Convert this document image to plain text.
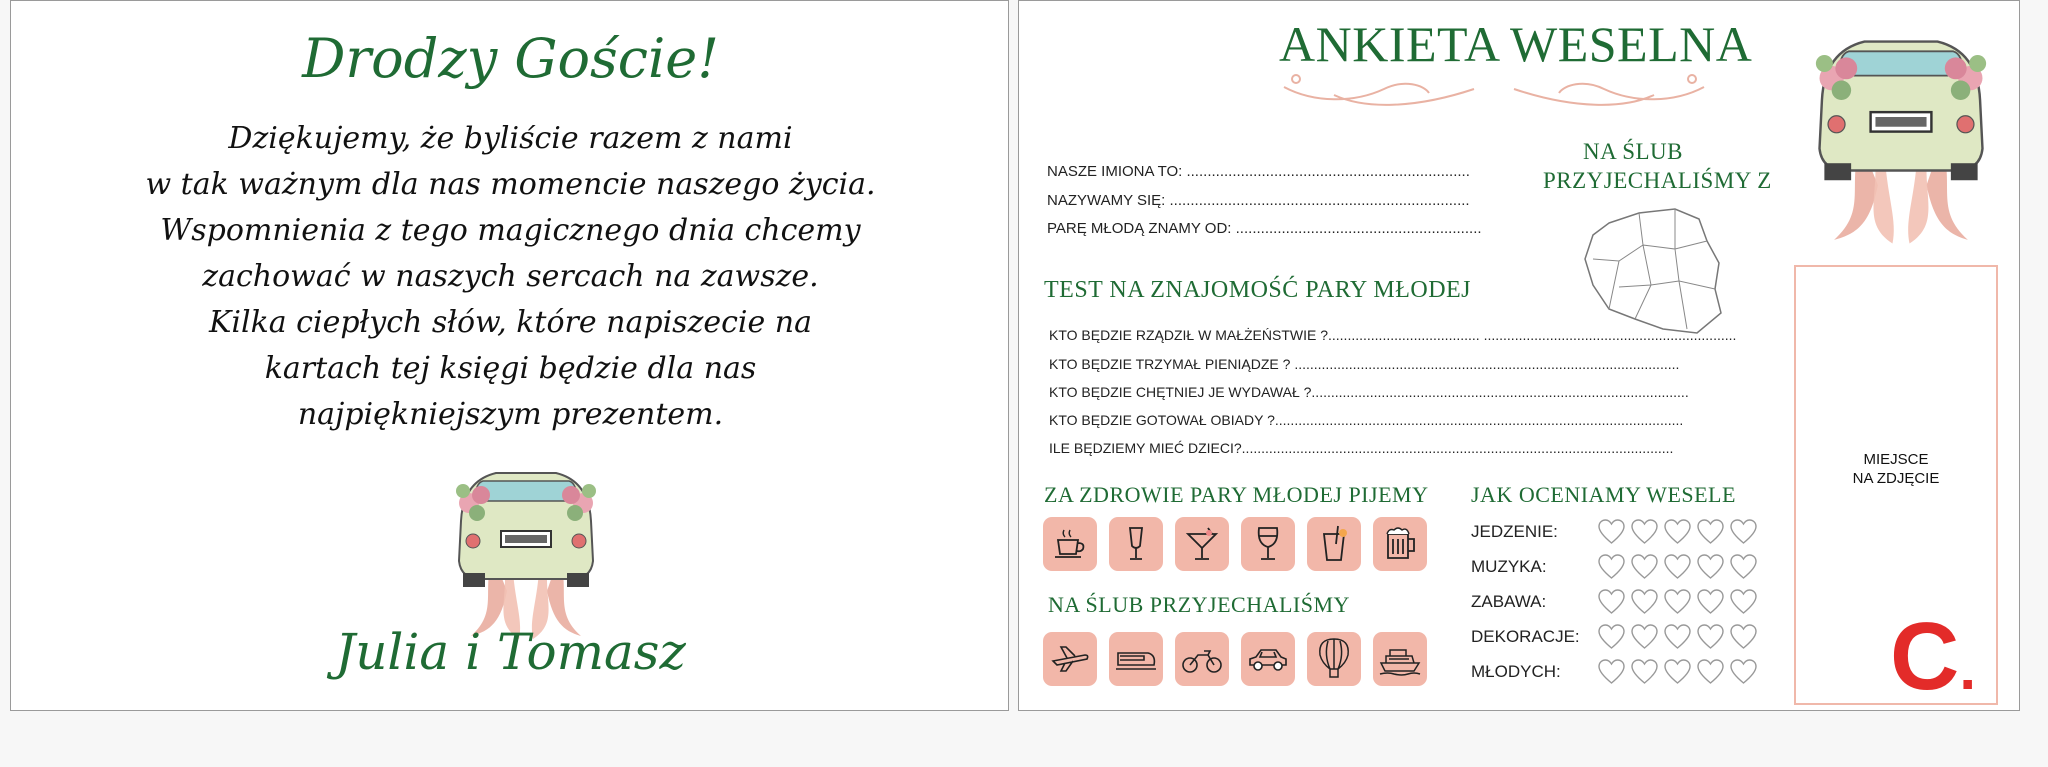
Drodzy Goście!
Dziękujemy, że byliście razem z nami
w tak ważnym dla nas momencie naszego życia.
Wspomnienia z tego magicznego dnia chcemy
zachować w naszych sercach na zawsze.
Kilka ciepłych słów, które napiszecie na
kartach tej księgi będzie dla nas
najpiękniejszym prezentem.
Julia i Tomasz
ANKIETA WESELNA
NASZE IMIONA TO: ....................................................................
NAZYWAMY SIĘ: ........................................................................
PARĘ MŁODĄ ZNAMY OD: ...........................................................
NA ŚLUB
PRZYJECHALIŚMY Z
TEST NA ZNAJOMOŚĆ PARY MŁODEJ
KTO BĘDZIE RZĄDZIŁ W MAŁŻEŃSTWIE ?....................................... .................................................................
KTO BĘDZIE TRZYMAŁ PIENIĄDZE ? ...................................................................................................
KTO BĘDZIE CHĘTNIEJ JE WYDAWAŁ ?.................................................................................................
KTO BĘDZIE GOTOWAŁ OBIADY ?.........................................................................................................
ILE BĘDZIEMY MIEĆ DZIECI?...............................................................................................................
ZA ZDROWIE PARY MŁODEJ PIJEMY
NA ŚLUB PRZYJECHALIŚMY
JAK OCENIAMY WESELE
JEDZENIE:
MUZYKA:
ZABAWA:
DEKORACJE:
MŁODYCH:
MIEJSCE
NA ZDJĘCIE
C.
